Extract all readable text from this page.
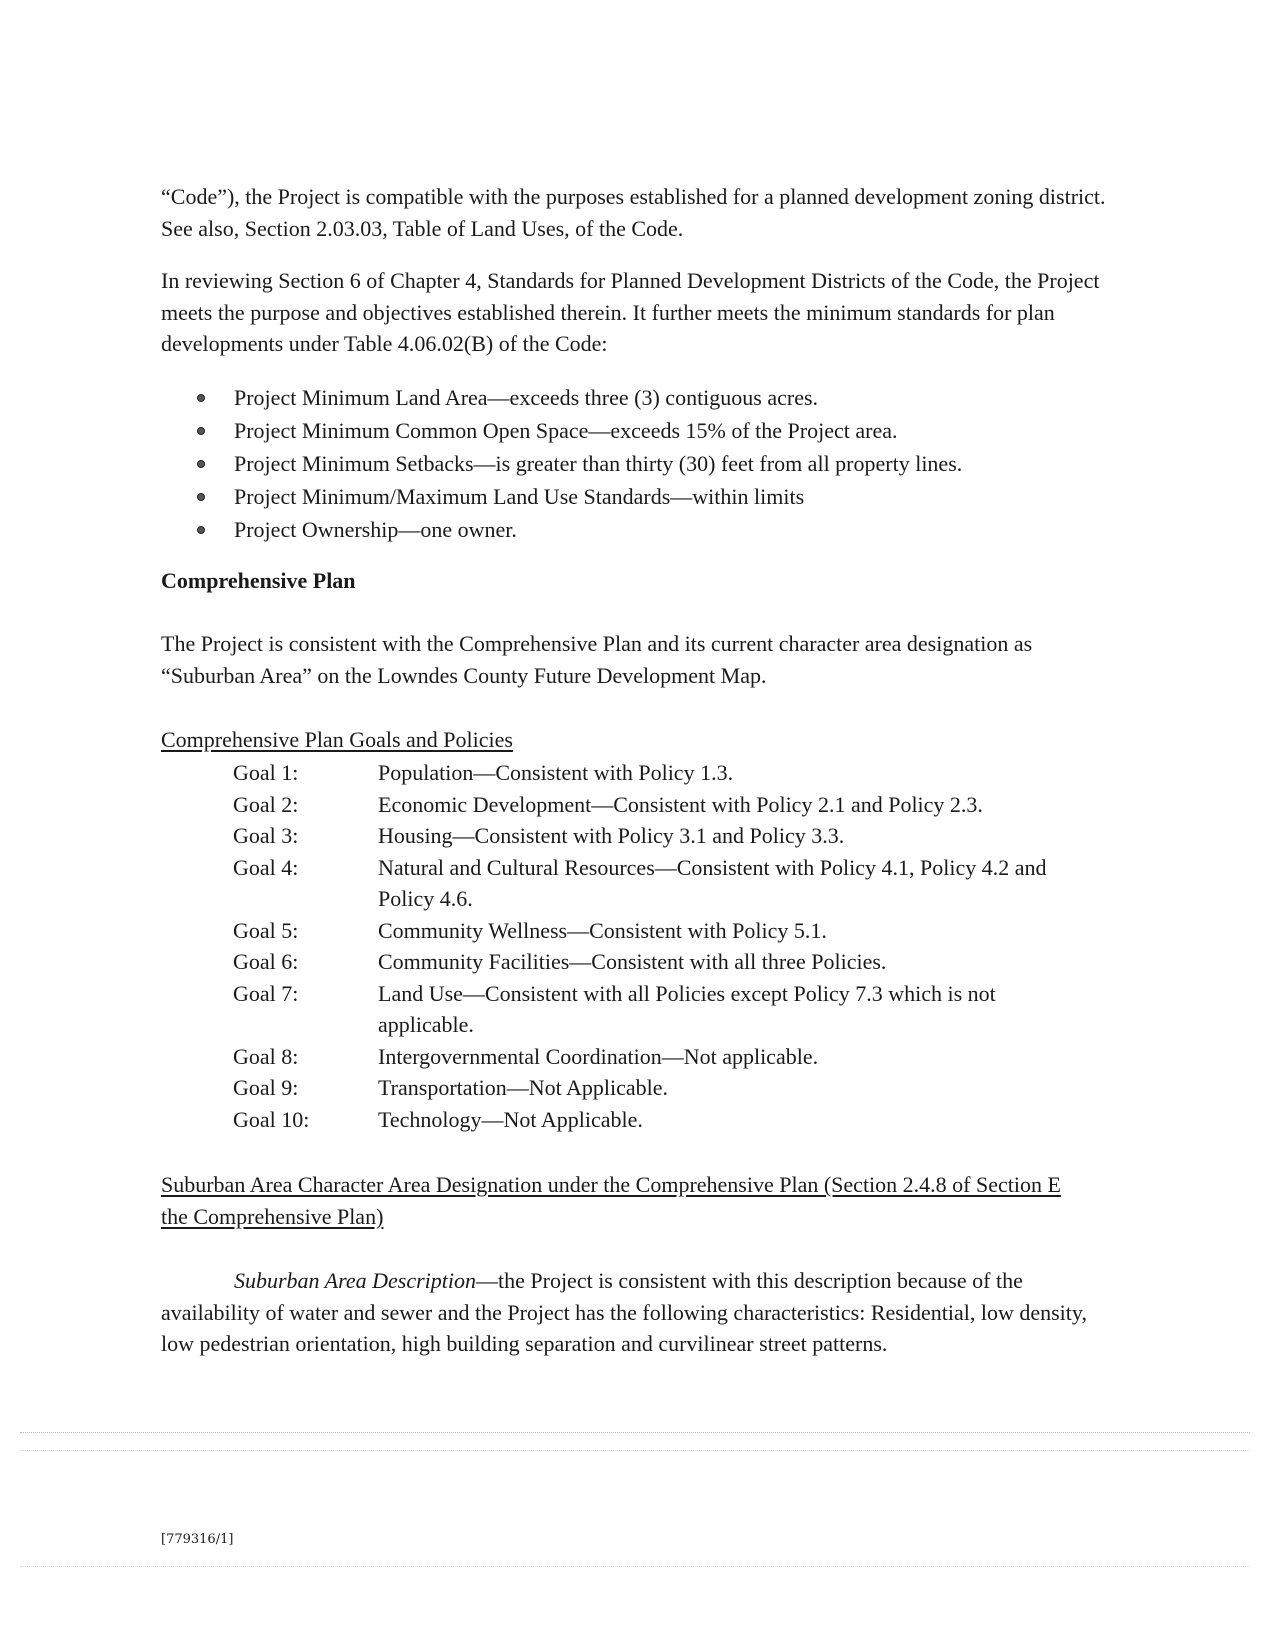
“Code”), the Project is compatible with the purposes established for a planned development zoning district. See also, Section 2.03.03, Table of Land Uses, of the Code.

In reviewing Section 6 of Chapter 4, Standards for Planned Development Districts of the Code, the Project meets the purpose and objectives established therein. It further meets the minimum standards for plan developments under Table 4.06.02(B) of the Code:

Project Minimum Land Area—exceeds three (3) contiguous acres.
Project Minimum Common Open Space—exceeds 15% of the Project area.
Project Minimum Setbacks—is greater than thirty (30) feet from all property lines.
Project Minimum/Maximum Land Use Standards—within limits
Project Ownership—one owner.
Comprehensive Plan

The Project is consistent with the Comprehensive Plan and its current character area designation as “Suburban Area” on the Lowndes County Future Development Map.

Comprehensive Plan Goals and Policies
Goal 1:	Population—Consistent with Policy 1.3.
Goal 2:	Economic Development—Consistent with Policy 2.1 and Policy 2.3.
Goal 3:	Housing—Consistent with Policy 3.1 and Policy 3.3.
Goal 4:	Natural and Cultural Resources—Consistent with Policy 4.1, Policy 4.2 and Policy 4.6.
Goal 5:	Community Wellness—Consistent with Policy 5.1.
Goal 6:	Community Facilities—Consistent with all three Policies.
Goal 7:	Land Use—Consistent with all Policies except Policy 7.3 which is not applicable.
Goal 8:	Intergovernmental Coordination—Not applicable.
Goal 9:	Transportation—Not Applicable.
Goal 10:	Technology—Not Applicable.
Suburban Area Character Area Designation under the Comprehensive Plan (Section 2.4.8 of Section E the Comprehensive Plan)

Suburban Area Description—the Project is consistent with this description because of the availability of water and sewer and the Project has the following characteristics: Residential, low density, low pedestrian orientation, high building separation and curvilinear street patterns.

[779316/1]
